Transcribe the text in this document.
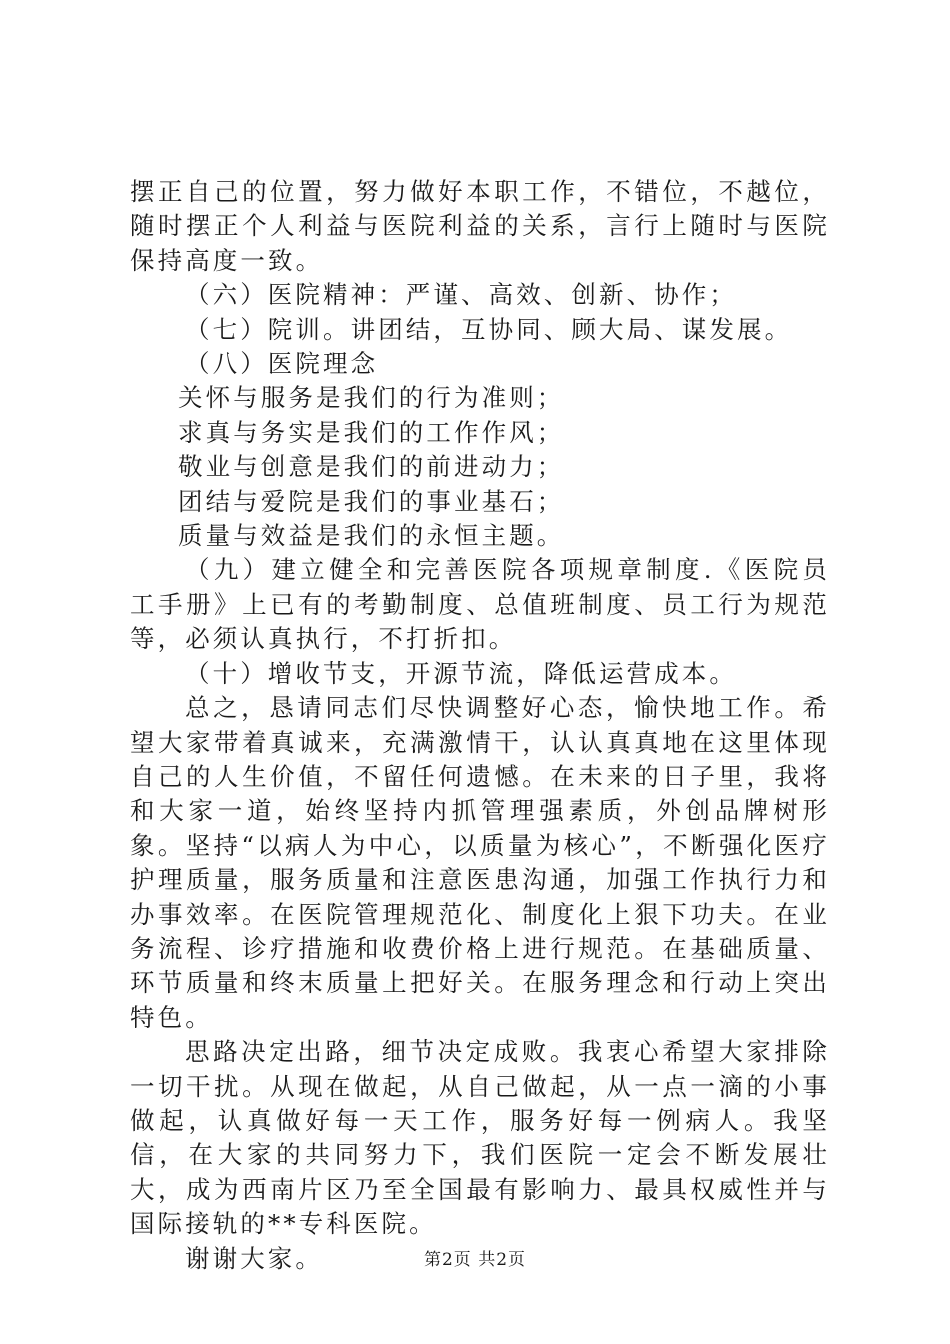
摆正自己的位置，努力做好本职工作，不错位，不越位，随时摆正个人利益与医院利益的关系，言行上随时与医院保持高度一致。

（六）医院精神：严谨、高效、创新、协作；

（七）院训。讲团结，互协同、顾大局、谋发展。

（八）医院理念

关怀与服务是我们的行为准则；

求真与务实是我们的工作作风；

敬业与创意是我们的前进动力；

团结与爱院是我们的事业基石；

质量与效益是我们的永恒主题。

（九）建立健全和完善医院各项规章制度.《医院员工手册》上已有的考勤制度、总值班制度、员工行为规范等，必须认真执行，不打折扣。

（十）增收节支，开源节流，降低运营成本。

总之，恳请同志们尽快调整好心态，愉快地工作。希望大家带着真诚来，充满激情干，认认真真地在这里体现自己的人生价值，不留任何遗憾。在未来的日子里，我将和大家一道，始终坚持内抓管理强素质，外创品牌树形象。坚持“以病人为中心，以质量为核心”，不断强化医疗护理质量，服务质量和注意医患沟通，加强工作执行力和办事效率。在医院管理规范化、制度化上狠下功夫。在业务流程、诊疗措施和收费价格上进行规范。在基础质量、环节质量和终末质量上把好关。在服务理念和行动上突出特色。

思路决定出路，细节决定成败。我衷心希望大家排除一切干扰。从现在做起，从自己做起，从一点一滴的小事做起，认真做好每一天工作，服务好每一例病人。我坚信，在大家的共同努力下，我们医院一定会不断发展壮大，成为西南片区乃至全国最有影响力、最具权威性并与国际接轨的**专科医院。

谢谢大家。	第2页 共2页
